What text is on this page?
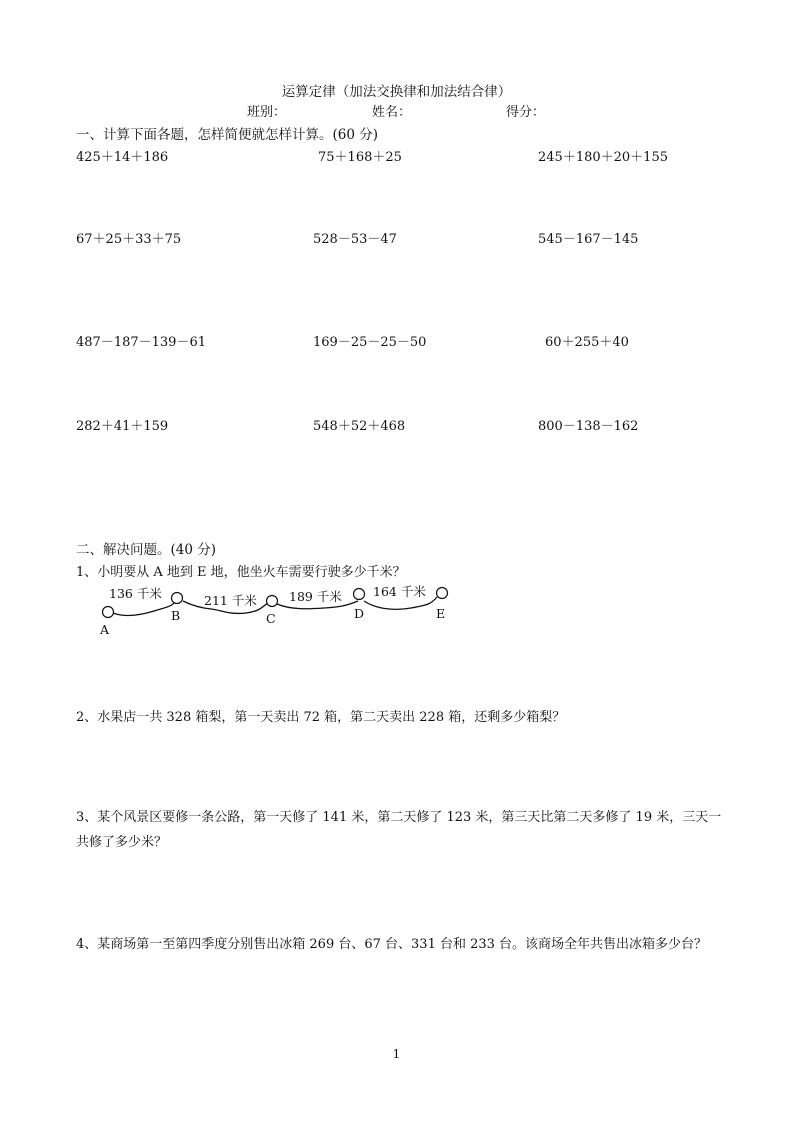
运算定律（加法交换律和加法结合律）
班别：	姓名：	得分：
一、计算下面各题，怎样简便就怎样计算。(60 分)
425＋14＋186	75＋168＋25	245＋180＋20＋155
67＋25＋33＋75	528－53－47	545－167－145
487－187－139－61	169－25－25－50	60＋255＋40
282＋41＋159	548＋52＋468	800－138－162
二、解决问题。(40 分)
1、小明要从 A 地到 E 地，他坐火车需要行驶多少千米？
A
B	C	D	E
136 千米	211 千米	189 千米 164 千米
2、水果店一共 328 箱梨，第一天卖出 72 箱，第二天卖出 228 箱，还剩多少箱梨？
3、某个风景区要修一条公路，第一天修了 141 米，第二天修了 123 米，第三天比第二天多修了 19 米，三天一共修了多少米？
4、某商场第一至第四季度分别售出冰箱 269 台、67 台、331 台和 233 台。该商场全年共售出冰箱多少台？
1
